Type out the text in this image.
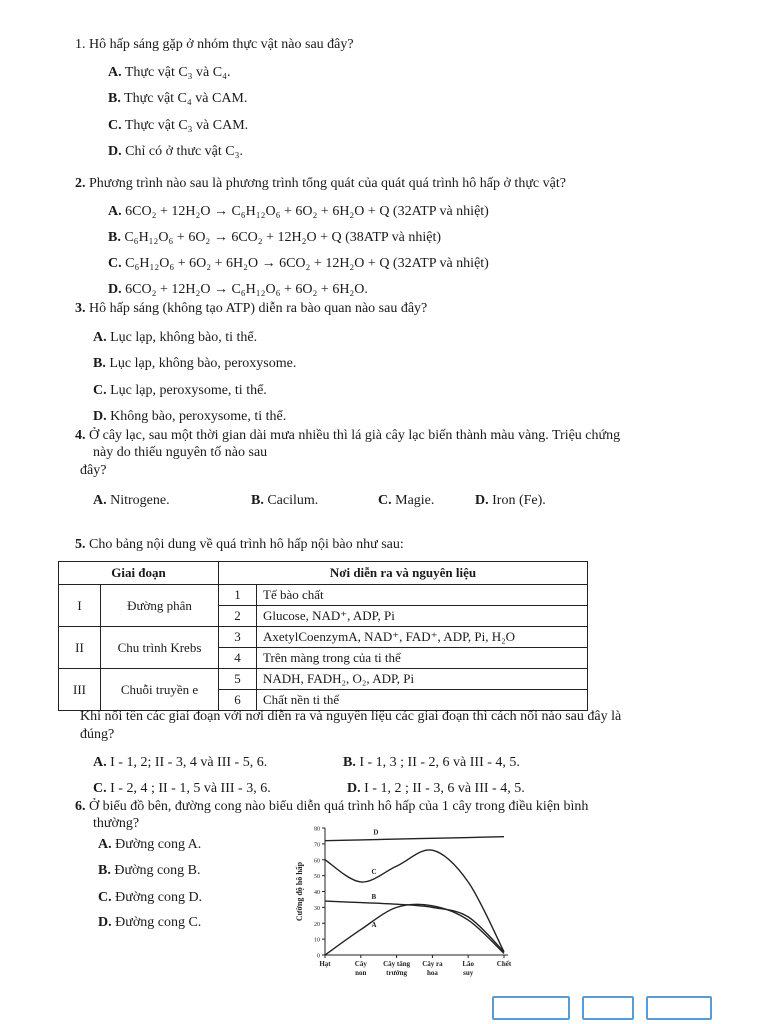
1. Hô hấp sáng gặp ở nhóm thực vật nào sau đây?
A. Thực vật C₃ và C₄.
B. Thực vật C₄ và CAM.
C. Thực vật C₃ và CAM.
D. Chỉ có ở thưc vật C₃.
2. Phương trình nào sau là phương trình tổng quát của quát quá trình hô hấp ở thực vật?
A. 6CO₂ + 12H₂O → C₆H₁₂O₆ + 6O₂ + 6H₂O + Q (32ATP và nhiệt)
B. C₆H₁₂O₆ + 6O₂ → 6CO₂ + 12H₂O + Q (38ATP và nhiệt)
C. C₆H₁₂O₆ + 6O₂ + 6H₂O → 6CO₂ + 12H₂O + Q (32ATP và nhiệt)
D. 6CO₂ + 12H₂O → C₆H₁₂O₆ + 6O₂ + 6H₂O.
3. Hô hấp sáng (không tạo ATP) diễn ra bào quan nào sau đây?
A. Lục lạp, không bào, ti thể.
B. Lục lạp, không bào, peroxysome.
C. Lục lạp, peroxysome, ti thể.
D. Không bào, peroxysome, ti thể.
4. Ở cây lạc, sau một thời gian dài mưa nhiều thì lá già cây lạc biến thành màu vàng. Triệu chứng
này do thiếu nguyên tố nào sau
đây?
A. Nitrogene.	B. Cacilum.	C. Magie.	D. Iron (Fe).
5. Cho bảng nội dung về quá trình hô hấp nội bào như sau:
Giai đoạn		Nơi diễn ra và nguyên liệu	
I	Đường phân	1	Tế bào chất
		2	Glucose, NAD⁺, ADP, Pi
II	Chu trình Krebs	3	AxetylCoenzymA, NAD⁺, FAD⁺, ADP, Pi, H₂O
		4	Trên màng trong của ti thể
III	Chuỗi truyền e	5	NADH, FADH₂, O₂, ADP, Pi
		6	Chất nền ti thể
Khi nối tên các giai đoạn với nơi diễn ra và nguyên liệu các giai đoạn thì cách nối nào sau đây là
đúng?
A. I - 1, 2; II - 3, 4 và III - 5, 6.	B. I - 1, 3 ; II - 2, 6 và III - 4, 5.
C. I - 2, 4 ; II - 1, 5 và III - 3, 6.	D. I - 1, 2 ; II - 3, 6 và III - 4, 5.
6. Ở biểu đồ bên, đường cong nào biểu diễn quá trình hô hấp của 1 cây trong điều kiện bình
thường?
A. Đường cong A.
B. Đường cong B.
C. Đường cong D.
D. Đường cong C.
0
10
20
30
40
50
60
70
80
Cường độ hô hấp
Hạt	Cây non
Cây tăng trưởng
Cây ra hoa
Lão suy
Chết
D
C
B
A
